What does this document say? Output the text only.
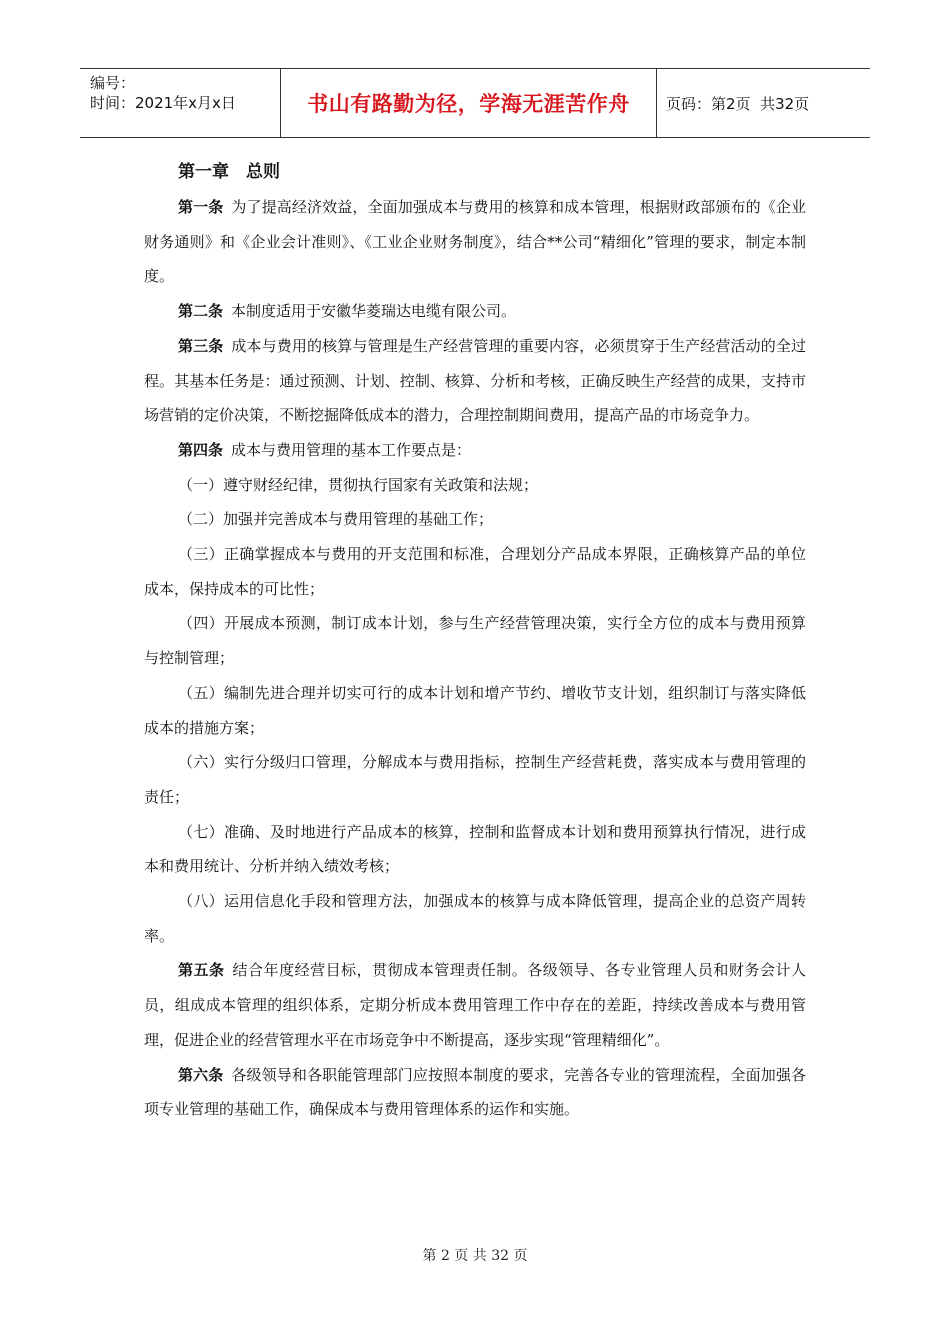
编号：
时间：2021年x月x日	书山有路勤为径，学海无涯苦作舟	页码：第2页  共32页
第一章　总则

第一条 为了提高经济效益，全面加强成本与费用的核算和成本管理，根据财政部颁布的《企业财务通则》和《企业会计准则》、《工业企业财务制度》，结合**公司“精细化”管理的要求，制定本制度。

第二条 本制度适用于安徽华菱瑞达电缆有限公司。

第三条 成本与费用的核算与管理是生产经营管理的重要内容，必须贯穿于生产经营活动的全过程。其基本任务是：通过预测、计划、控制、核算、分析和考核，正确反映生产经营的成果，支持市场营销的定价决策，不断挖掘降低成本的潜力，合理控制期间费用，提高产品的市场竞争力。

第四条 成本与费用管理的基本工作要点是：

（一）遵守财经纪律，贯彻执行国家有关政策和法规；

（二）加强并完善成本与费用管理的基础工作；

（三）正确掌握成本与费用的开支范围和标准，合理划分产品成本界限，正确核算产品的单位成本，保持成本的可比性；

（四）开展成本预测，制订成本计划，参与生产经营管理决策，实行全方位的成本与费用预算与控制管理；

（五）编制先进合理并切实可行的成本计划和增产节约、增收节支计划，组织制订与落实降低成本的措施方案；

（六）实行分级归口管理，分解成本与费用指标，控制生产经营耗费，落实成本与费用管理的责任；

（七）准确、及时地进行产品成本的核算，控制和监督成本计划和费用预算执行情况，进行成本和费用统计、分析并纳入绩效考核；

（八）运用信息化手段和管理方法，加强成本的核算与成本降低管理，提高企业的总资产周转率。

第五条 结合年度经营目标，贯彻成本管理责任制。各级领导、各专业管理人员和财务会计人员，组成成本管理的组织体系，定期分析成本费用管理工作中存在的差距，持续改善成本与费用管理，促进企业的经营管理水平在市场竞争中不断提高，逐步实现“管理精细化”。

第六条 各级领导和各职能管理部门应按照本制度的要求，完善各专业的管理流程，全面加强各项专业管理的基础工作，确保成本与费用管理体系的运作和实施。

第 2 页 共 32 页
